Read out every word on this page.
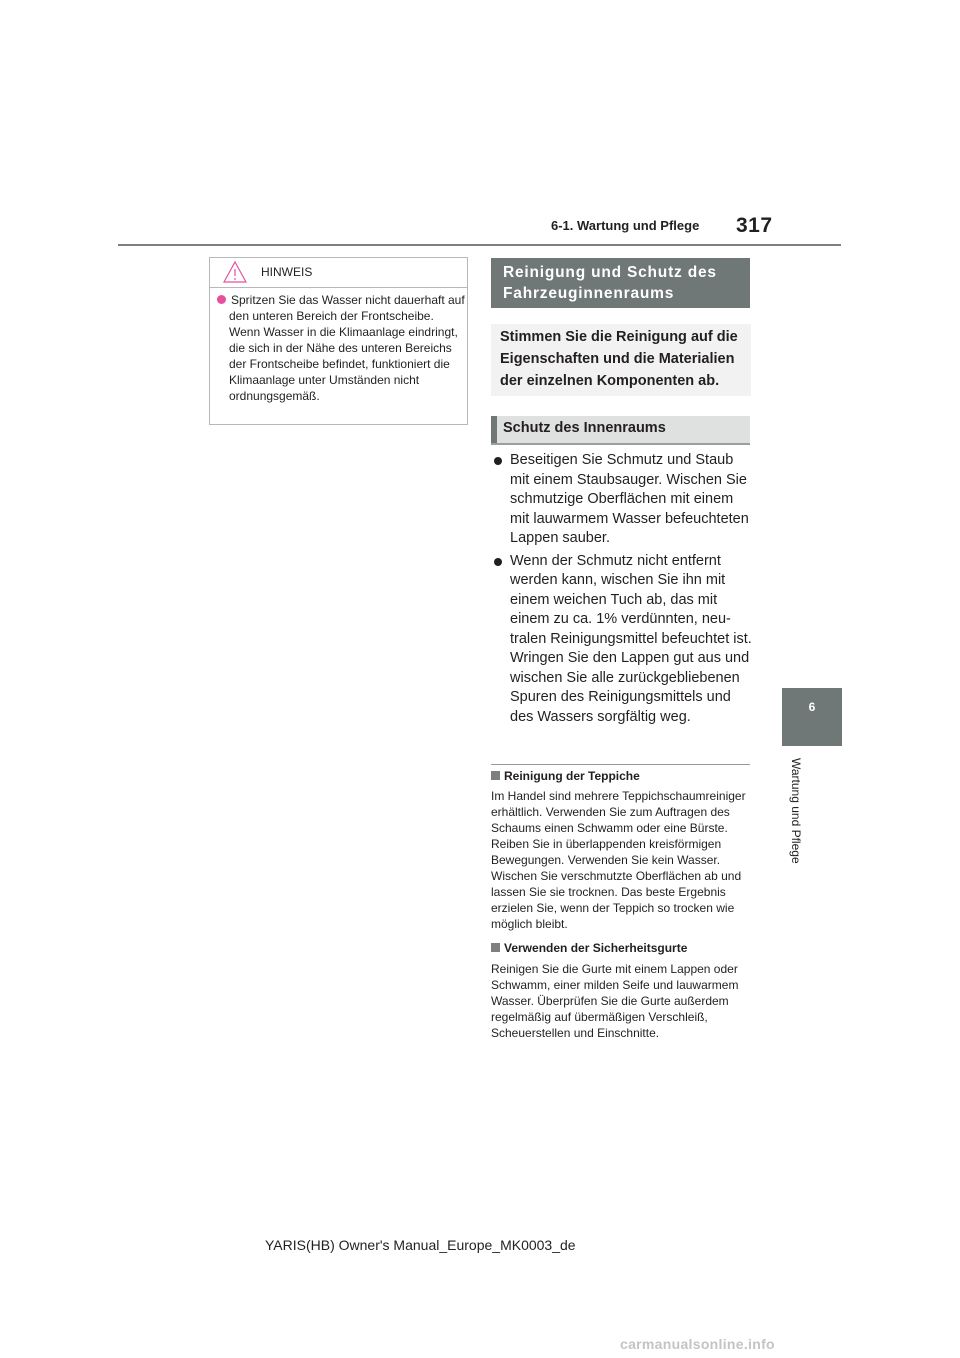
6-1. Wartung und Pflege 317
6
Wartung und Pflege
HINWEIS
Spritzen Sie das Wasser nicht dauerhaft auf den unteren Bereich der Frontscheibe. Wenn Wasser in die Klimaanlage eindringt, die sich in der Nähe des unteren Bereichs der Frontscheibe befindet, funktioniert die Klimaanlage unter Umständen nicht ordnungsgemäß.
Reinigung und Schutz des Fahrzeuginnenraums
Stimmen Sie die Reinigung auf die Eigenschaften und die Materialien der einzelnen Komponenten ab.
Schutz des Innenraums
Beseitigen Sie Schmutz und Staub mit einem Staubsauger. Wischen Sie schmutzige Oberflächen mit einem mit lauwarmem Wasser befeuchteten Lappen sauber.
Wenn der Schmutz nicht entfernt werden kann, wischen Sie ihn mit einem weichen Tuch ab, das mit einem zu ca. 1% verdünnten, neutralen Reinigungsmittel befeuchtet ist.
Wringen Sie den Lappen gut aus und wischen Sie alle zurückgebliebenen Spuren des Reinigungsmittels und des Wassers sorgfältig weg.
Reinigung der Teppiche
Im Handel sind mehrere Teppichschaumreiniger erhältlich. Verwenden Sie zum Auftragen des Schaums einen Schwamm oder eine Bürste. Reiben Sie in überlappenden kreisförmigen Bewegungen. Verwenden Sie kein Wasser. Wischen Sie verschmutzte Oberflächen ab und lassen Sie sie trocknen. Das beste Ergebnis erzielen Sie, wenn der Teppich so trocken wie möglich bleibt.
Verwenden der Sicherheitsgurte
Reinigen Sie die Gurte mit einem Lappen oder Schwamm, einer milden Seife und lauwarmem Wasser. Überprüfen Sie die Gurte außerdem regelmäßig auf übermäßigen Verschleiß, Scheuerstellen und Einschnitte.
YARIS(HB) Owner's Manual_Europe_MK0003_de
carmanualsonline.info
